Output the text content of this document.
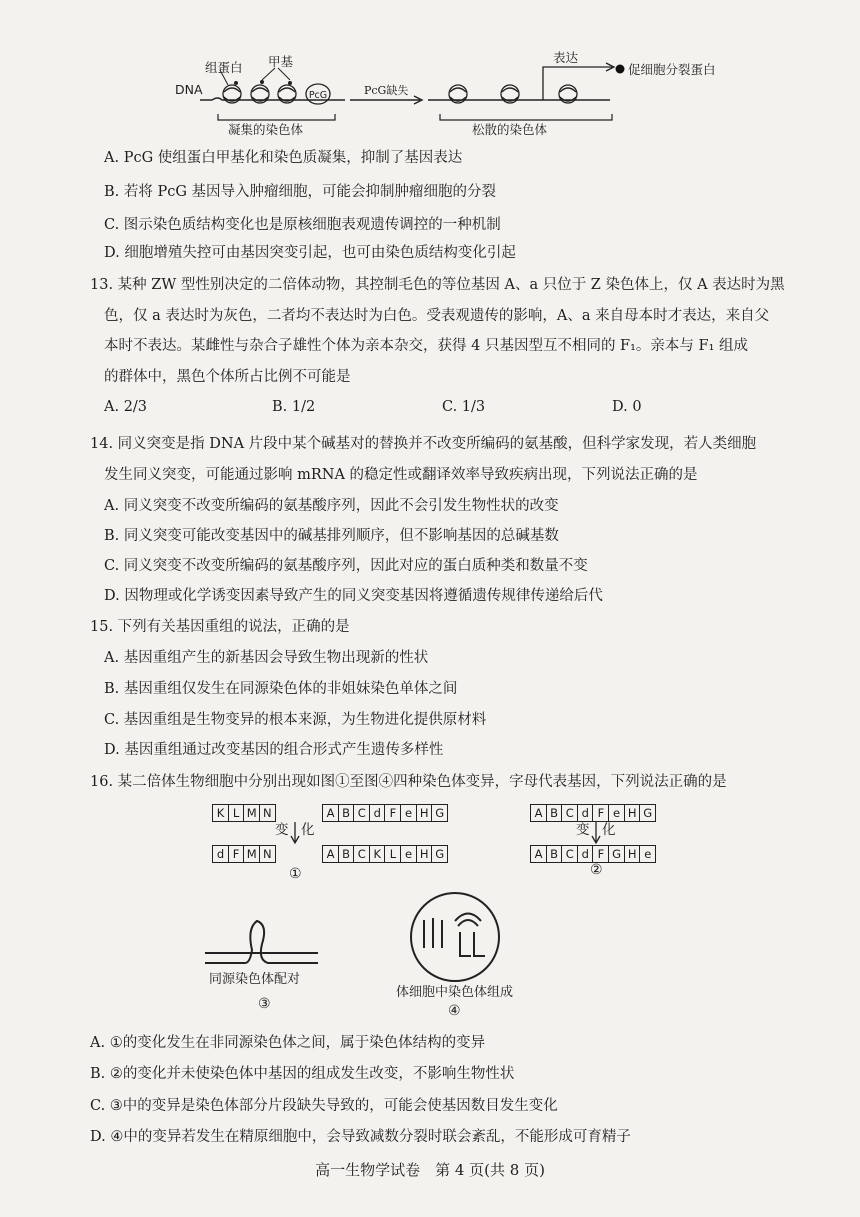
组蛋白 甲基
DNA	PcG缺失
凝集的染色体	松散的染色体
表达
促细胞分裂蛋白
PcG
A. PcG 使组蛋白甲基化和染色质凝集，抑制了基因表达
B. 若将 PcG 基因导入肿瘤细胞，可能会抑制肿瘤细胞的分裂
C. 图示染色质结构变化也是原核细胞表观遗传调控的一种机制
D. 细胞增殖失控可由基因突变引起，也可由染色质结构变化引起
13. 某种 ZW 型性别决定的二倍体动物，其控制毛色的等位基因 A、a 只位于 Z 染色体上，仅 A 表达时为黑
色，仅 a 表达时为灰色，二者均不表达时为白色。受表观遗传的影响，A、a 来自母本时才表达，来自父
本时不表达。某雌性与杂合子雄性个体为亲本杂交，获得 4 只基因型互不相同的 F₁。亲本与 F₁ 组成
的群体中，黑色个体所占比例不可能是
A. 2/3	B. 1/2	C. 1/3	D. 0
14. 同义突变是指 DNA 片段中某个碱基对的替换并不改变所编码的氨基酸，但科学家发现，若人类细胞
发生同义突变，可能通过影响 mRNA 的稳定性或翻译效率导致疾病出现，下列说法正确的是
A. 同义突变不改变所编码的氨基酸序列，因此不会引发生物性状的改变
B. 同义突变可能改变基因中的碱基排列顺序，但不影响基因的总碱基数
C. 同义突变不改变所编码的氨基酸序列，因此对应的蛋白质种类和数量不变
D. 因物理或化学诱变因素导致产生的同义突变基因将遵循遗传规律传递给后代
15. 下列有关基因重组的说法，正确的是
A. 基因重组产生的新基因会导致生物出现新的性状
B. 基因重组仅发生在同源染色体的非姐妹染色单体之间
C. 基因重组是生物变异的根本来源，为生物进化提供原材料
D. 基因重组通过改变基因的组合形式产生遗传多样性
16. 某二倍体生物细胞中分别出现如图①至图④四种染色体变异，字母代表基因，下列说法正确的是
K L M N	A B C d F e H G
d F M N	A B C K L e H G
变 化
①
A B C d F e H G
A B C d F G H e
变 化
②
同源染色体配对
③
体细胞中染色体组成
④
A. ①的变化发生在非同源染色体之间，属于染色体结构的变异
B. ②的变化并未使染色体中基因的组成发生改变，不影响生物性状
C. ③中的变异是染色体部分片段缺失导致的，可能会使基因数目发生变化
D. ④中的变异若发生在精原细胞中，会导致减数分裂时联会紊乱，不能形成可育精子
高一生物学试卷　第 4 页(共 8 页)
